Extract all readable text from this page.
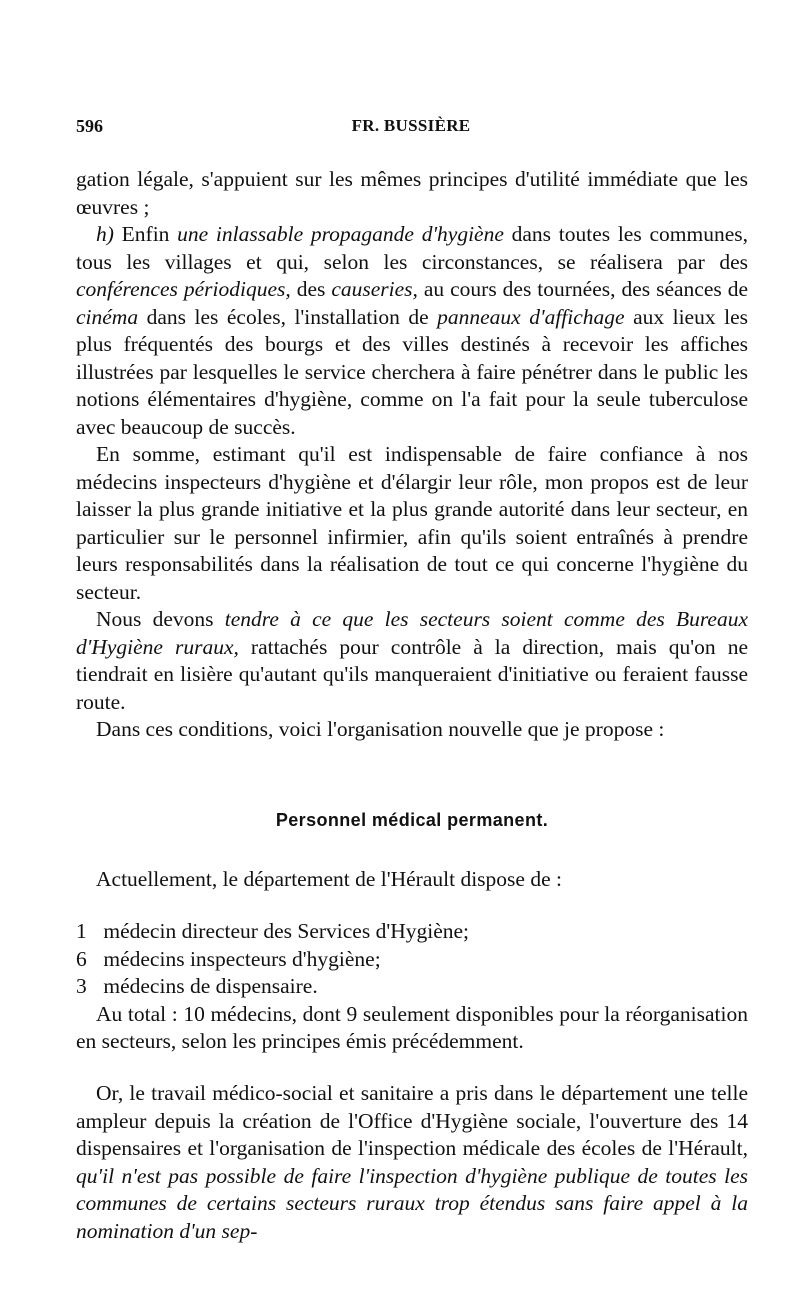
596	FR. BUSSIÈRE

gation légale, s'appuient sur les mêmes principes d'utilité immédiate que les œuvres ;

h) Enfin une inlassable propagande d'hygiène dans toutes les communes, tous les villages et qui, selon les circonstances, se réalisera par des conférences périodiques, des causeries, au cours des tournées, des séances de cinéma dans les écoles, l'installation de panneaux d'affichage aux lieux les plus fréquentés des bourgs et des villes destinés à recevoir les affiches illustrées par lesquelles le service cherchera à faire pénétrer dans le public les notions élémentaires d'hygiène, comme on l'a fait pour la seule tuberculose avec beaucoup de succès.

En somme, estimant qu'il est indispensable de faire confiance à nos médecins inspecteurs d'hygiène et d'élargir leur rôle, mon propos est de leur laisser la plus grande initiative et la plus grande autorité dans leur secteur, en particulier sur le personnel infirmier, afin qu'ils soient entraînés à prendre leurs responsabilités dans la réalisation de tout ce qui concerne l'hygiène du secteur.

Nous devons tendre à ce que les secteurs soient comme des Bureaux d'Hygiène ruraux, rattachés pour contrôle à la direction, mais qu'on ne tiendrait en lisière qu'autant qu'ils manqueraient d'initiative ou feraient fausse route.

Dans ces conditions, voici l'organisation nouvelle que je propose :

Personnel médical permanent.

Actuellement, le département de l'Hérault dispose de :

1 médecin directeur des Services d'Hygiène;

6 médecins inspecteurs d'hygiène;

3 médecins de dispensaire.

Au total : 10 médecins, dont 9 seulement disponibles pour la réorganisation en secteurs, selon les principes émis précédemment.

Or, le travail médico-social et sanitaire a pris dans le département une telle ampleur depuis la création de l'Office d'Hygiène sociale, l'ouverture des 14 dispensaires et l'organisation de l'inspection médicale des écoles de l'Hérault, qu'il n'est pas possible de faire l'inspection d'hygiène publique de toutes les communes de certains secteurs ruraux trop étendus sans faire appel à la nomination d'un sep-
